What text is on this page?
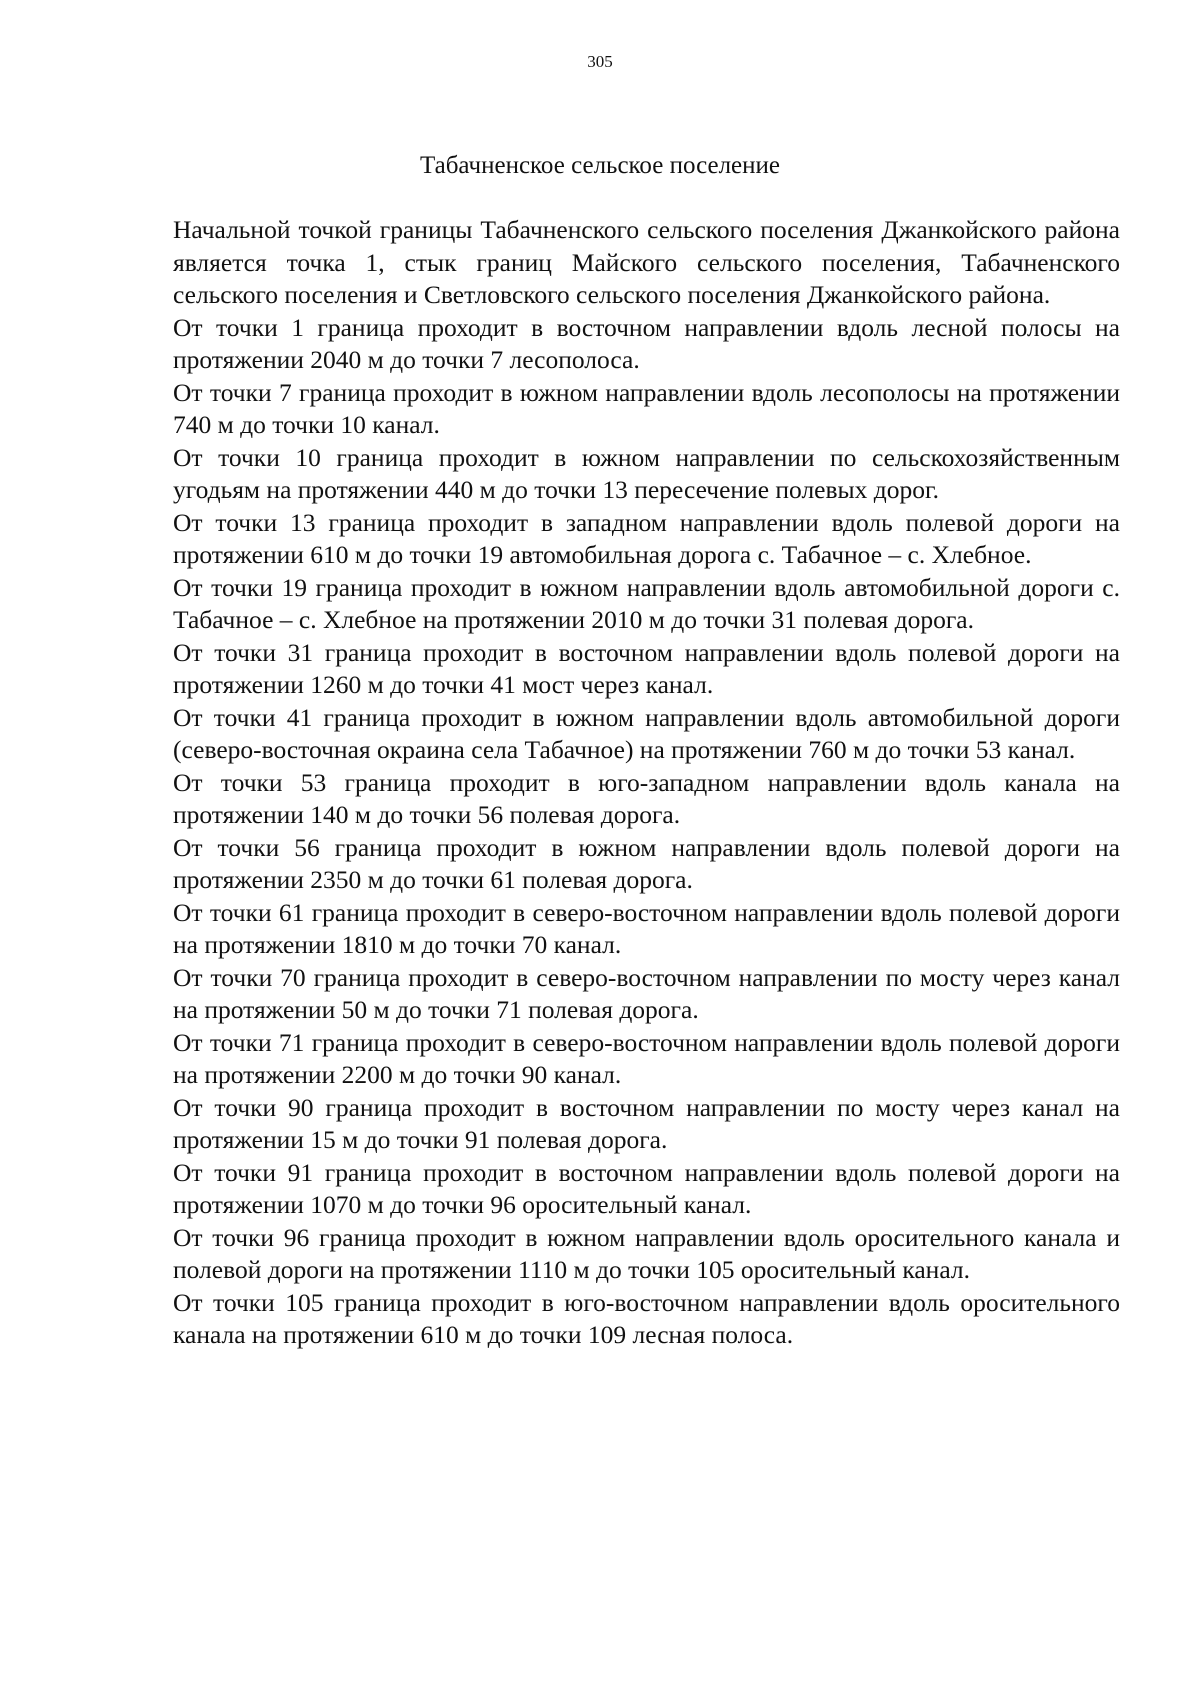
305
Табачненское сельское поселение

Начальной точкой границы Табачненского сельского поселения Джанкойского района является точка 1, стык границ Майского сельского поселения, Табачненского сельского поселения и Светловского сельского поселения Джанкойского района.

От точки 1 граница проходит в восточном направлении вдоль лесной полосы на протяжении 2040 м до точки 7 лесополоса.

От точки 7 граница проходит в южном направлении вдоль лесополосы на протяжении 740 м до точки 10 канал.

От точки 10 граница проходит в южном направлении по сельскохозяйственным угодьям на протяжении 440 м до точки 13 пересечение полевых дорог.

От точки 13 граница проходит в западном направлении вдоль полевой дороги на протяжении 610 м до точки 19 автомобильная дорога с. Табачное – с. Хлебное.

От точки 19 граница проходит в южном направлении вдоль автомобильной дороги с. Табачное – с. Хлебное на протяжении 2010 м до точки 31 полевая дорога.

От точки 31 граница проходит в восточном направлении вдоль полевой дороги на протяжении 1260 м до точки 41 мост через канал.

От точки 41 граница проходит в южном направлении вдоль автомобильной дороги (северо-восточная окраина села Табачное) на протяжении 760 м до точки 53 канал.

От точки 53 граница проходит в юго-западном направлении вдоль канала на протяжении 140 м до точки 56 полевая дорога.

От точки 56 граница проходит в южном направлении вдоль полевой дороги на протяжении 2350 м до точки 61 полевая дорога.

От точки 61 граница проходит в северо-восточном направлении вдоль полевой дороги на протяжении 1810 м до точки 70 канал.

От точки 70 граница проходит в северо-восточном направлении по мосту через канал на протяжении 50 м до точки 71 полевая дорога.

От точки 71 граница проходит в северо-восточном направлении вдоль полевой дороги на протяжении 2200 м до точки 90 канал.

От точки 90 граница проходит в восточном направлении по мосту через канал на протяжении 15 м до точки 91 полевая дорога.

От точки 91 граница проходит в восточном направлении вдоль полевой дороги на протяжении 1070 м до точки 96 оросительный канал.

От точки 96 граница проходит в южном направлении вдоль оросительного канала и полевой дороги на протяжении 1110 м до точки 105 оросительный канал.

От точки 105 граница проходит в юго-восточном направлении вдоль оросительного канала на протяжении 610 м до точки 109 лесная полоса.
